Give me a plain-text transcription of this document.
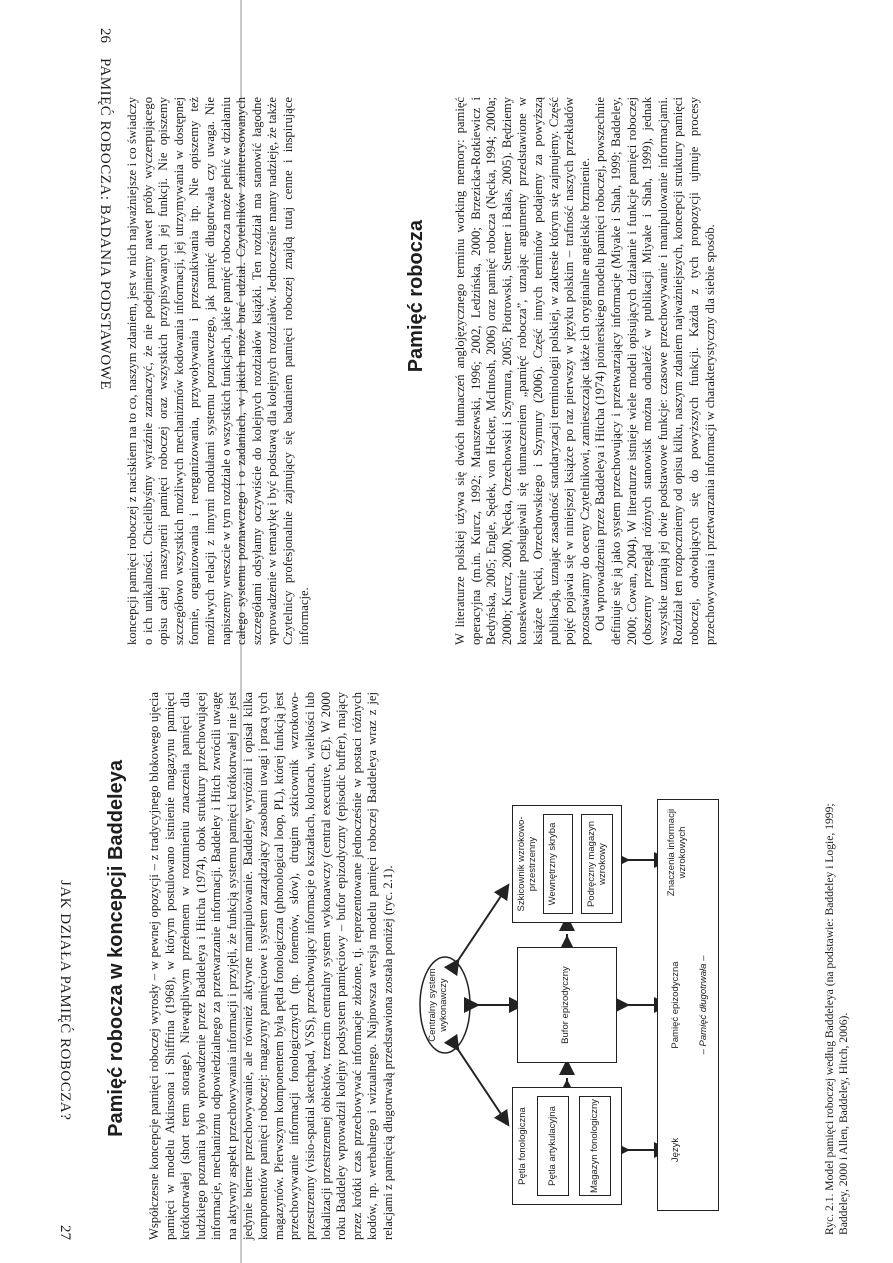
26
PAMIĘĆ ROBOCZA: BADANIA PODSTAWOWE koncepcji pamięci roboczej z naciskiem na to co, naszym zdaniem, jest w nich najważniejsze i co świadczy o ich unikalności. Chcielibyśmy wyraźnie zaznaczyć, że nie podejmiemy nawet próby wyczerpującego opisu całej maszynerii pamięci roboczej oraz wszystkich przypisywanych jej funkcji. Nie opiszemy szczegółowo wszystkich możliwych mechanizmów kodowania informacji, jej utrzymywania w dostępnej formie, organizowania i reorganizowania, przywoływania i przeszukiwania itp. Nie opiszemy też możliwych relacji z innymi modułami systemu poznawczego, jak pamięć długotrwała czy uwaga. Nie napiszemy wreszcie w tym rozdziale o wszystkich funkcjach, jakie pamięć robocza może pełnić w działaniu całego systemu poznawczego i o zadaniach, w jakich może brać udział. Czytelników zainteresowanych szczegółami odsyłamy oczywiście do kolejnych rozdziałów książki. Ten rozdział ma stanowić łagodne wprowadzenie w tematykę i być podstawą dla kolejnych rozdziałów. Jednocześnie mamy nadzieję, że także Czytelnicy profesjonalnie zajmujący się badaniem pamięci roboczej znajdą tutaj cenne i inspirujące informacje.

Pamięć robocza W literaturze polskiej używa się dwóch tłumaczeń anglojęzycznego terminu working memory: pamięć operacyjna (m.in. Kurcz, 1992; Maruszewski, 1996; 2002, Ledzińska, 2000; Brzezicka-Rotkiewicz i Bedyńska, 2005; Engle, Sędek, von Hecker, McIntosh, 2006) oraz pamięć robocza (Nęcka, 1994; 2000a; 2000b; Kurcz, 2000, Nęcka, Orzechowski i Szymura, 2005; Piotrowski, Stettner i Balas, 2005). Będziemy konsekwentnie posługiwali się tłumaczeniem „pamięć robocza”, uznając argumenty przedstawione w książce Nęcki, Orzechowskiego i Szymury (2006). Część innych terminów podajemy za powyższą publikacją, uznając zasadność standaryzacji terminologii polskiej, w zakresie którym się zajmujemy. Część pojęć pojawia się w niniejszej książce po raz pierwszy w języku polskim – trafność naszych przekładów pozostawiamy do oceny Czytelnikowi, zamieszczając także ich oryginalne angielskie brzmienie. Od wprowadzenia przez Baddeleya i Hitcha (1974) pionierskiego modelu pamięci roboczej, powszechnie definiuje się ją jako system przechowujący i przetwarzający informacje (Miyake i Shah, 1999; Baddeley, 2000; Cowan, 2004). W literaturze istnieje wiele modeli opisujących działanie i funkcje pamięci roboczej (obszerny przegląd różnych stanowisk można odnaleźć w publikacji Miyake i Shah, 1999), jednak wszystkie uznają jej dwie podstawowe funkcje: czasowe przechowywanie i manipulowanie informacjami. Rozdział ten rozpoczniemy od opisu kilku, naszym zdaniem najważniejszych, koncepcji struktury pamięci roboczej, odwołujących się do powyższych funkcji. Każda z tych propozycji ujmuje procesy przechowywania i przetwarzania informacji w charakterystyczny dla siebie sposób.

JAK DZIAŁA PAMIĘĆ ROBOCZA?
27
Pamięć robocza w koncepcji Baddeleya Współczesne koncepcje pamięci roboczej wyrosły – w pewnej opozycji – z tradycyjnego blokowego ujęcia pamięci w modelu Atkinsona i Shiffrina (1968), w którym postulowano istnienie magazynu pamięci krótkotrwałej (short term storage). Niewątpliwym przełomem w rozumieniu znaczenia pamięci dla ludzkiego poznania było wprowadzenie przez Baddeleya i Hitcha (1974), obok struktury przechowującej informacje, mechanizmu odpowiedzialnego za przetwarzanie informacji. Baddeley i Hitch zwrócili uwagę na aktywny aspekt przechowywania informacji i przyjęli, że funkcją systemu pamięci krótkotrwałej nie jest jedynie bierne przechowywanie, ale również aktywne manipulowanie. Baddeley wyróżnił i opisał kilka komponentów pamięci roboczej: magazyny pamięciowe i system zarządzający zasobami uwagi i pracą tych magazynów. Pierwszym komponentem była pętla fonologiczna (phonological loop, PL), której funkcją jest przechowywanie informacji fonologicznych (np. fonemów, słów), drugim szkicownik wzrokowo-przestrzenny (visio-spatial sketchpad, VSS), przechowujący informacje o kształtach, kolorach, wielkości lub lokalizacji przestrzennej obiektów, trzecim centralny system wykonawczy (central executive, CE). W 2000 roku Baddeley wprowadził kolejny podsystem pamięciowy – bufor epizodyczny (episodic buffer), mający przez krótki czas przechowywać informacje złożone, tj. reprezentowane jednocześnie w postaci różnych kodów, np. werbalnego i wizualnego. Najnowsza wersja modelu pamięci roboczej Baddeleya wraz z jej relacjami z pamięcią długotrwałą przedstawiona została poniżej (ryc. 2.1).	Centralny system wykonawczy
Pętla fonologiczna Pętla artykulacyjna	Magazyn fonologiczny
Bufor epizodyczny
Szkicownik wzrokowo-przestrzenny Wewnętrzny skryba	Podręczny magazyn wzrokowy
Język
Pamięć epizodyczna
Znaczenia informacji wzrokowych
– Pamięć długotrwała –	Ryc. 2.1. Model pamięci roboczej według Baddeleya (na podstawie: Baddeley i Logie, 1999; Baddeley, 2000 i Allen, Baddeley, Hitch, 2006).
